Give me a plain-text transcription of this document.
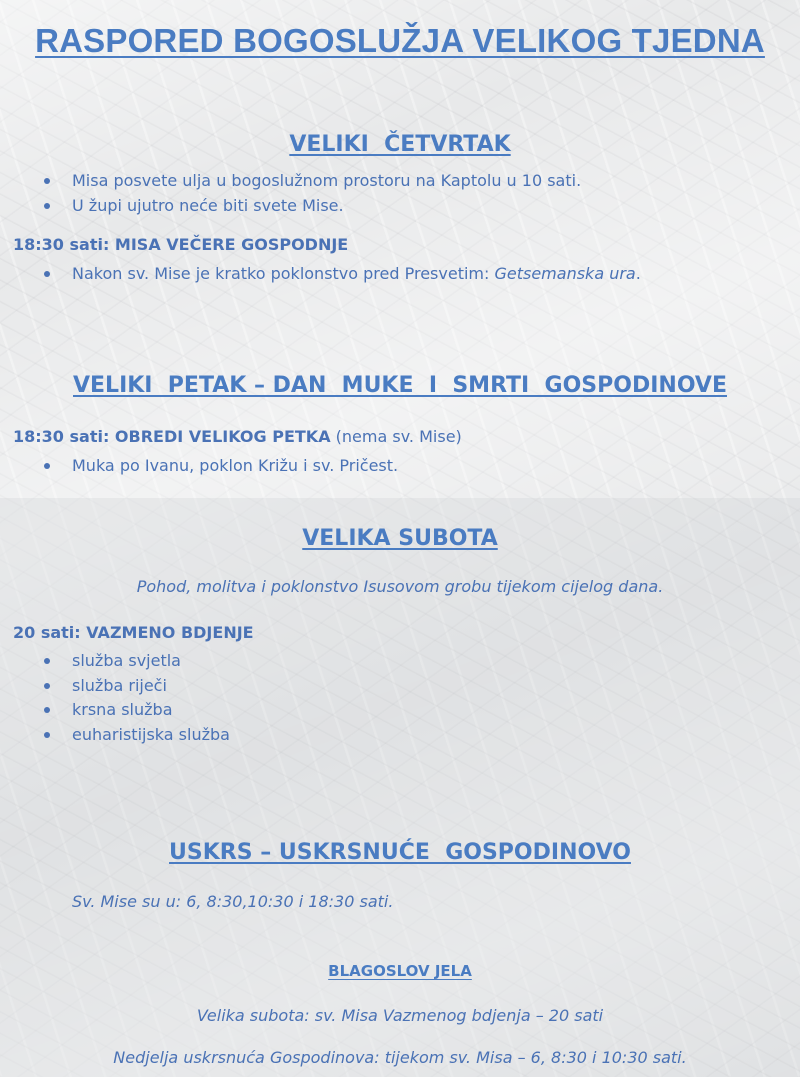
RASPORED BOGOSLUŽJA VELIKOG TJEDNA
VELIKI  ČETVRTAK
Misa posvete ulja u bogoslužnom prostoru na Kaptolu u 10 sati.
U župi ujutro neće biti svete Mise.
18:30 sati: MISA VEČERE GOSPODNJE
Nakon sv. Mise je kratko poklonstvo pred Presvetim: Getsemanska ura.
VELIKI  PETAK – DAN  MUKE  I  SMRTI  GOSPODINOVE
18:30 sati: OBREDI VELIKOG PETKA (nema sv. Mise)
Muka po Ivanu, poklon Križu i sv. Pričest.
VELIKA SUBOTA
Pohod, molitva i poklonstvo Isusovom grobu tijekom cijelog dana.
20 sati: VAZMENO BDJENJE
služba svjetla
služba riječi
krsna služba
euharistijska služba
USKRS – USKRSNUĆE  GOSPODINOVO
Sv. Mise su u: 6, 8:30,10:30 i 18:30 sati.
BLAGOSLOV JELA
Velika subota: sv. Misa Vazmenog bdjenja – 20 sati
Nedjelja uskrsnuća Gospodinova: tijekom sv. Misa – 6, 8:30 i 10:30 sati.
